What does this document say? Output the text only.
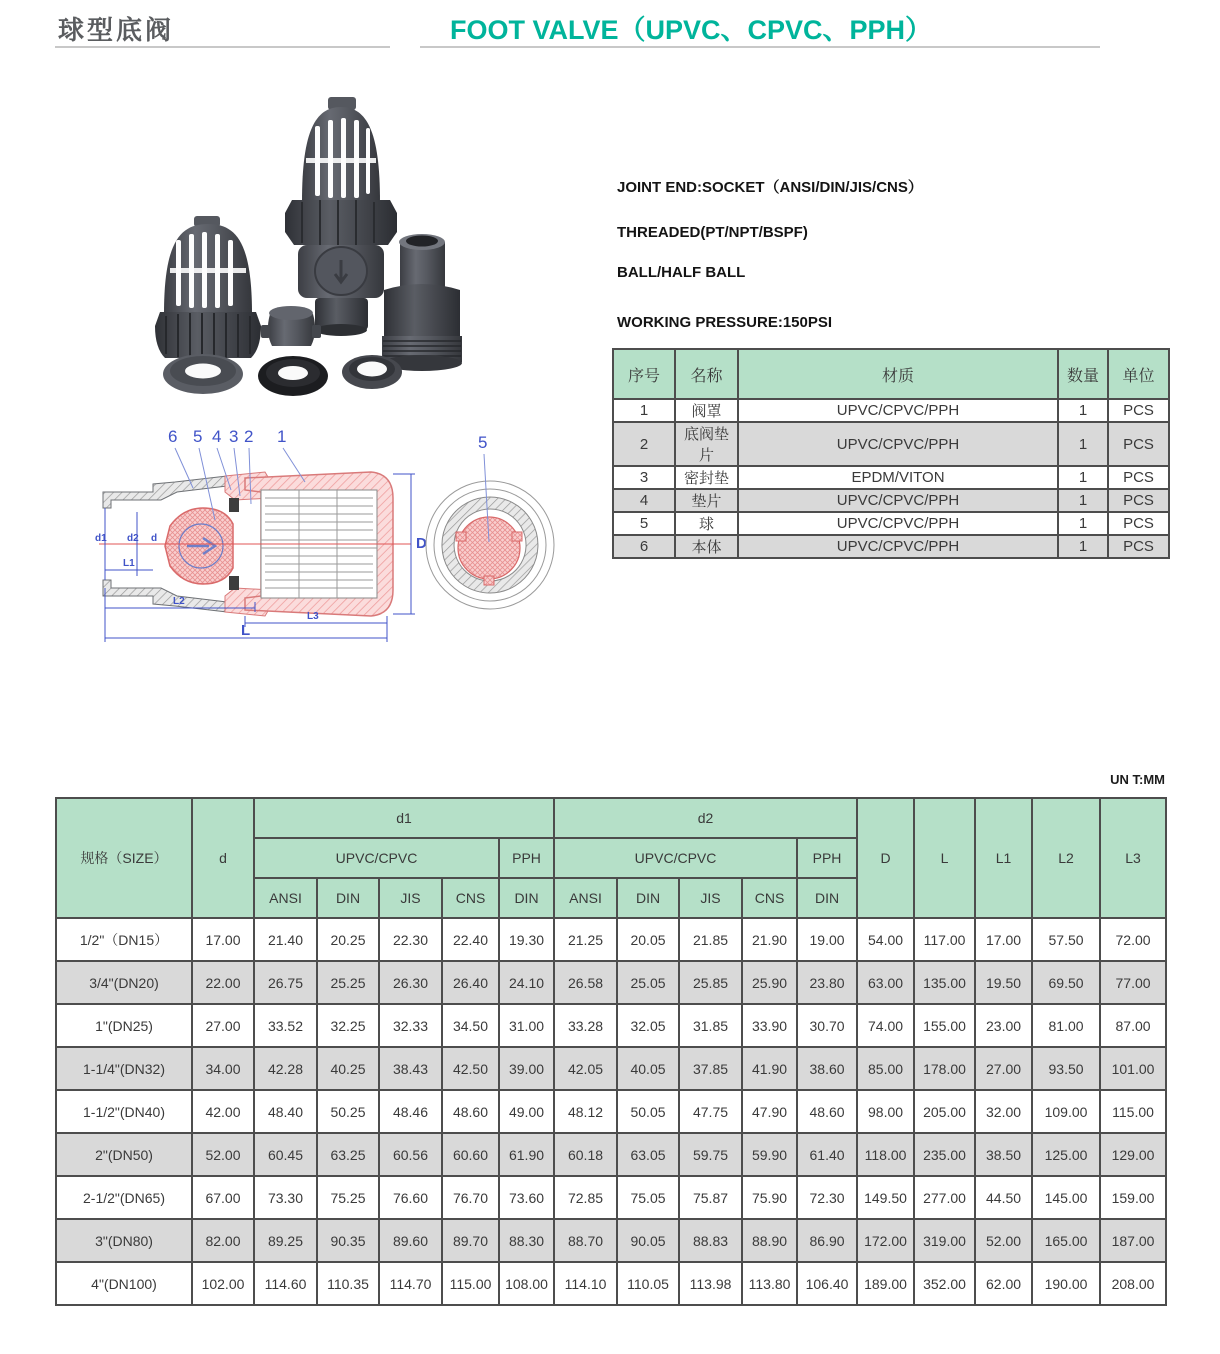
球型底阀	FOOT VALVE（UPVC、CPVC、PPH）
JOINT END:SOCKET（ANSI/DIN/JIS/CNS）
THREADED(PT/NPT/BSPF)
BALL/HALF BALL
WORKING PRESSURE:150PSI
序号	名称	材质	数量	单位
1	阀罩	UPVC/CPVC/PPH	1	PCS
2	底阀垫片	UPVC/CPVC/PPH	1	PCS
3	密封垫	EPDM/VITON	1	PCS
4	垫片	UPVC/CPVC/PPH	1	PCS
5	球	UPVC/CPVC/PPH	1	PCS
6	本体	UPVC/CPVC/PPH	1	PCS
d1 d2 d
L1
L2
L3
L
D
6 5 4 3 2 1	5
UN T:MM
规格（SIZE）	d	d1					d2					D	L	L1	L2	L3
		UPVC/CPVC				PPH	UPVC/CPVC				PPH					
		ANSI	DIN	JIS	CNS	DIN	ANSI	DIN	JIS	CNS	DIN					
1/2"（DN15）	17.00	21.40	20.25	22.30	22.40	19.30	21.25	20.05	21.85	21.90	19.00	54.00	117.00	17.00	57.50	72.00
3/4"(DN20)	22.00	26.75	25.25	26.30	26.40	24.10	26.58	25.05	25.85	25.90	23.80	63.00	135.00	19.50	69.50	77.00
1"(DN25)	27.00	33.52	32.25	32.33	34.50	31.00	33.28	32.05	31.85	33.90	30.70	74.00	155.00	23.00	81.00	87.00
1-1/4"(DN32)	34.00	42.28	40.25	38.43	42.50	39.00	42.05	40.05	37.85	41.90	38.60	85.00	178.00	27.00	93.50	101.00
1-1/2"(DN40)	42.00	48.40	50.25	48.46	48.60	49.00	48.12	50.05	47.75	47.90	48.60	98.00	205.00	32.00	109.00	115.00
2"(DN50)	52.00	60.45	63.25	60.56	60.60	61.90	60.18	63.05	59.75	59.90	61.40	118.00	235.00	38.50	125.00	129.00
2-1/2"(DN65)	67.00	73.30	75.25	76.60	76.70	73.60	72.85	75.05	75.87	75.90	72.30	149.50	277.00	44.50	145.00	159.00
3"(DN80)	82.00	89.25	90.35	89.60	89.70	88.30	88.70	90.05	88.83	88.90	86.90	172.00	319.00	52.00	165.00	187.00
4"(DN100)	102.00	114.60	110.35	114.70	115.00	108.00	114.10	110.05	113.98	113.80	106.40	189.00	352.00	62.00	190.00	208.00
